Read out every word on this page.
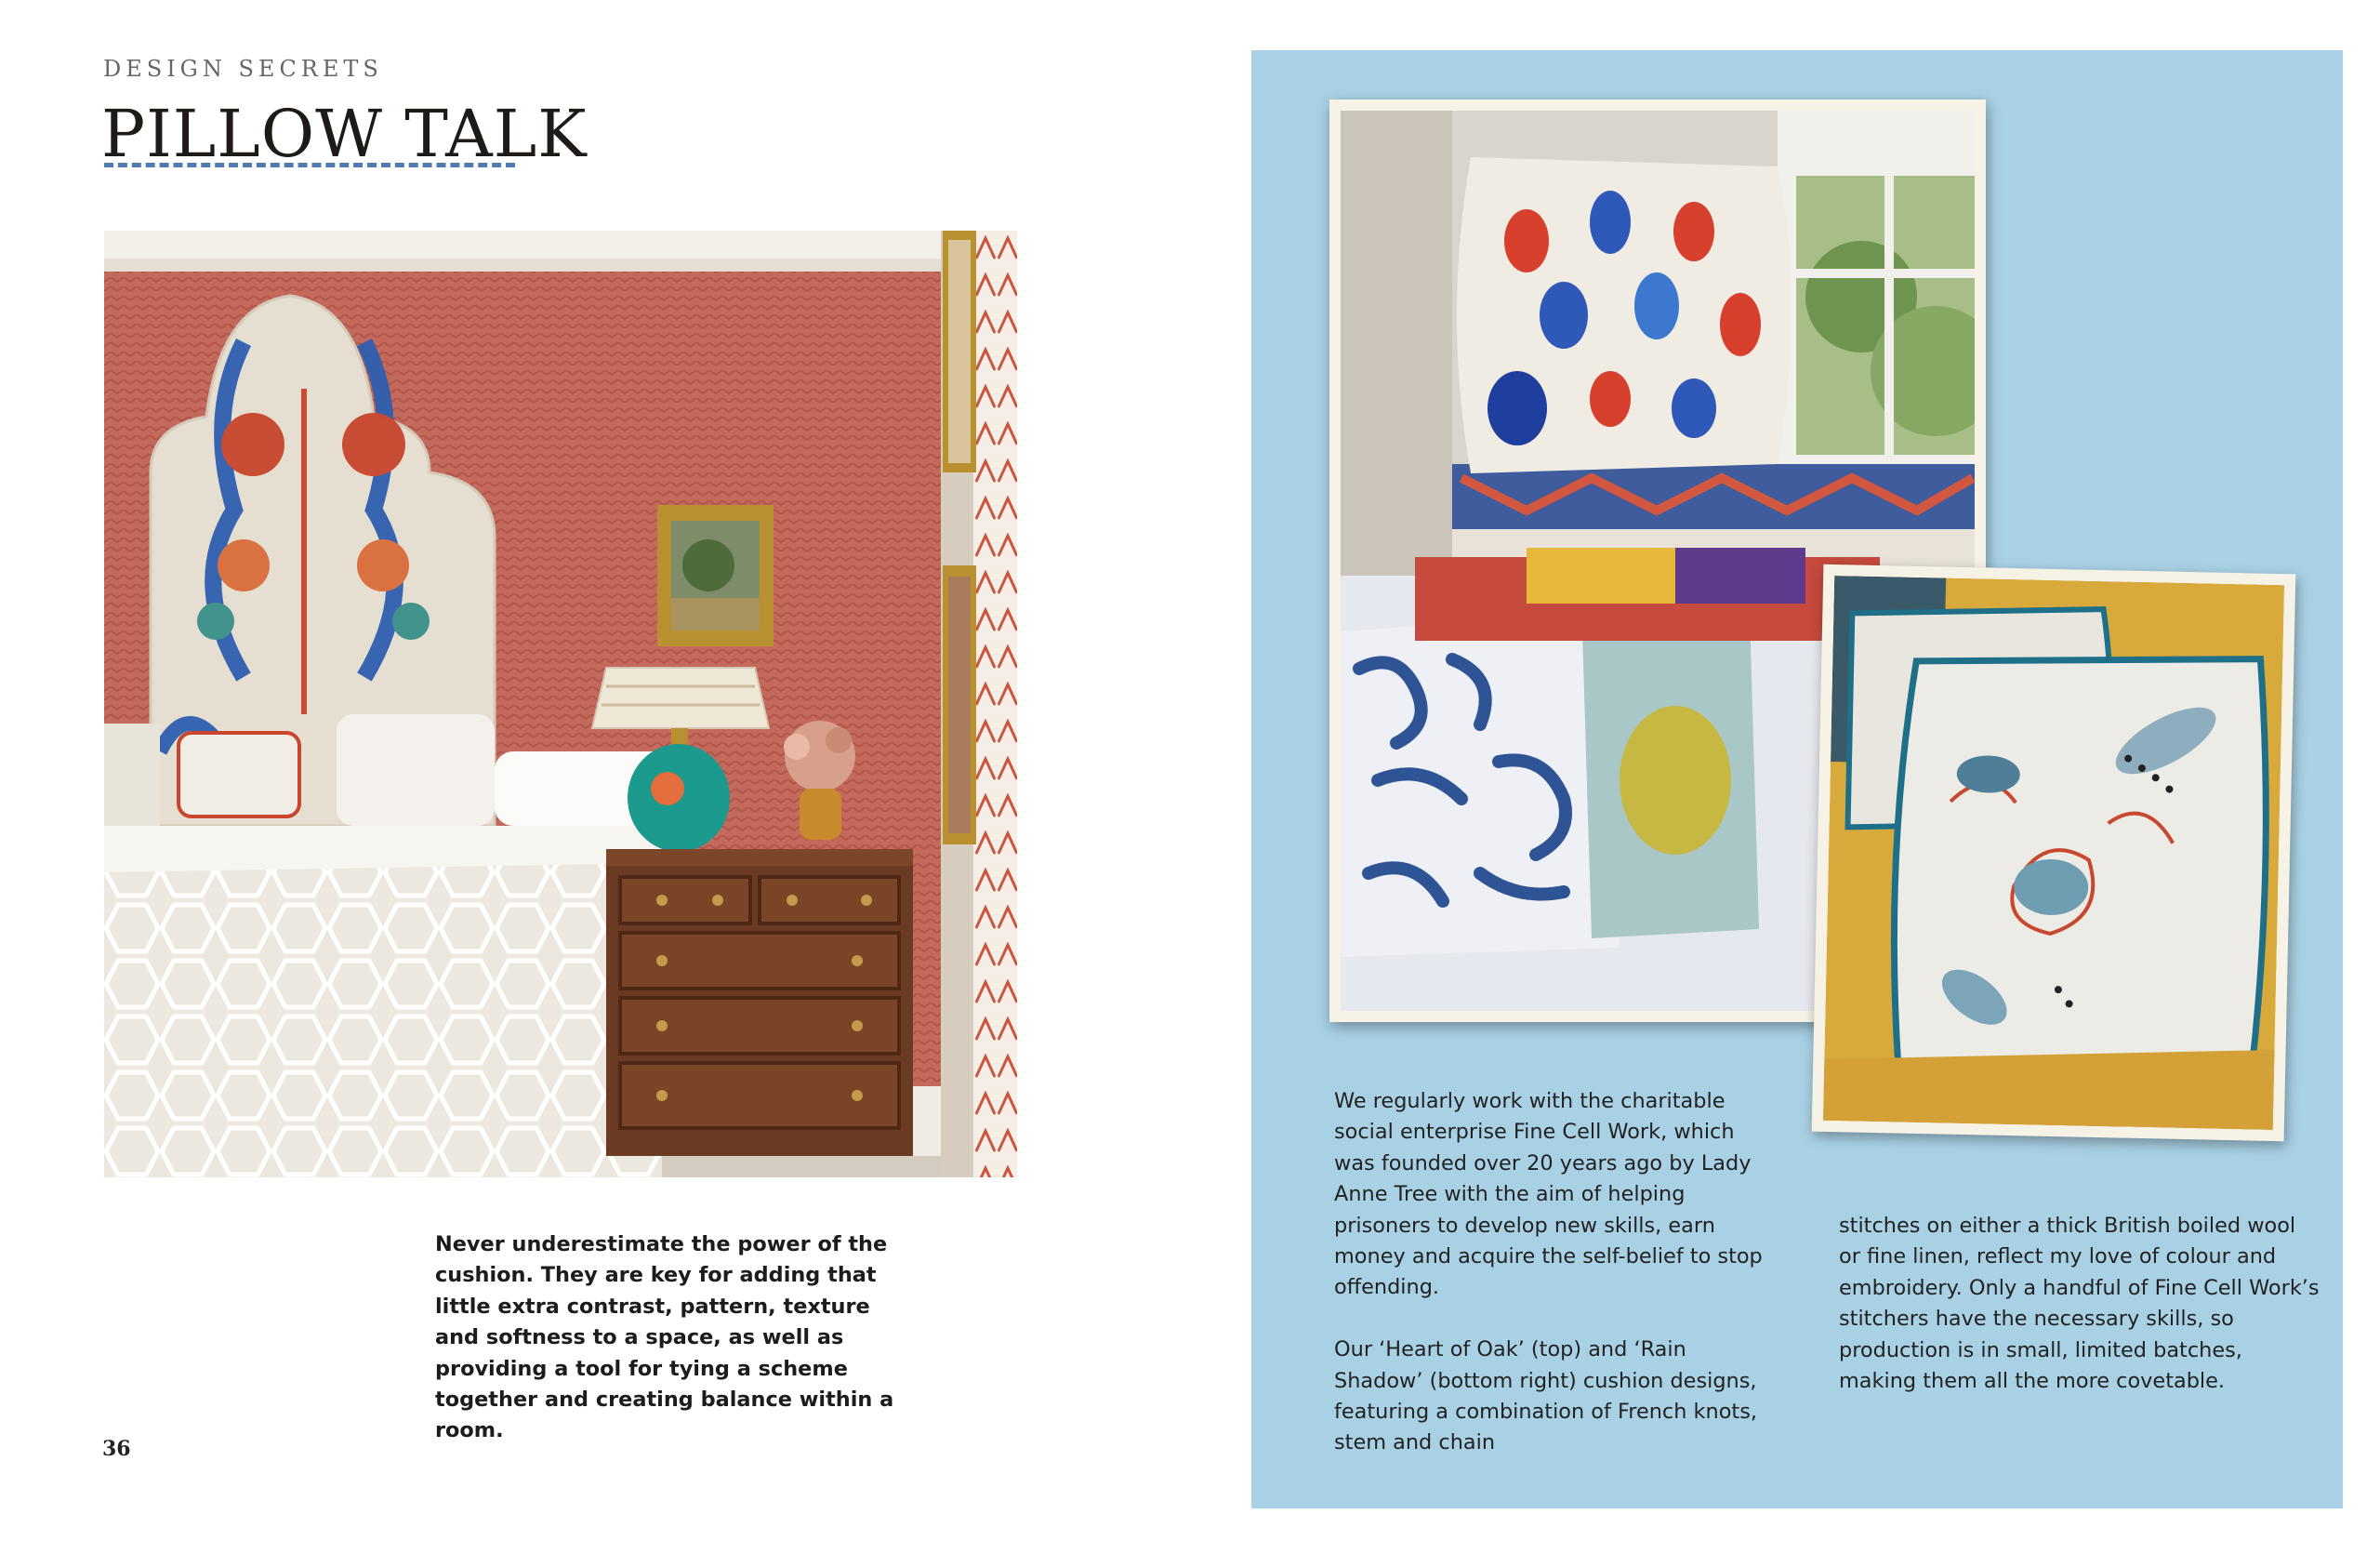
DESIGN SECRETS
PILLOW TALK
Never underestimate the power of the cushion. They are key for adding that little extra contrast, pattern, texture and softness to a space, as well as providing a tool for tying a scheme together and creating balance within a room.
36

We regularly work with the charitable social enterprise Fine Cell Work, which was founded over 20 years ago by Lady Anne Tree with the aim of helping prisoners to develop new skills, earn money and acquire the self-belief to stop offending.

Our ‘Heart of Oak’ (top) and ‘Rain Shadow’ (bottom right) cushion designs, featuring a combination of French knots, stem and chain

stitches on either a thick British boiled wool or fine linen, reflect my love of colour and embroidery. Only a handful of Fine Cell Work’s stitchers have the necessary skills, so production is in small, limited batches, making them all the more covetable.
